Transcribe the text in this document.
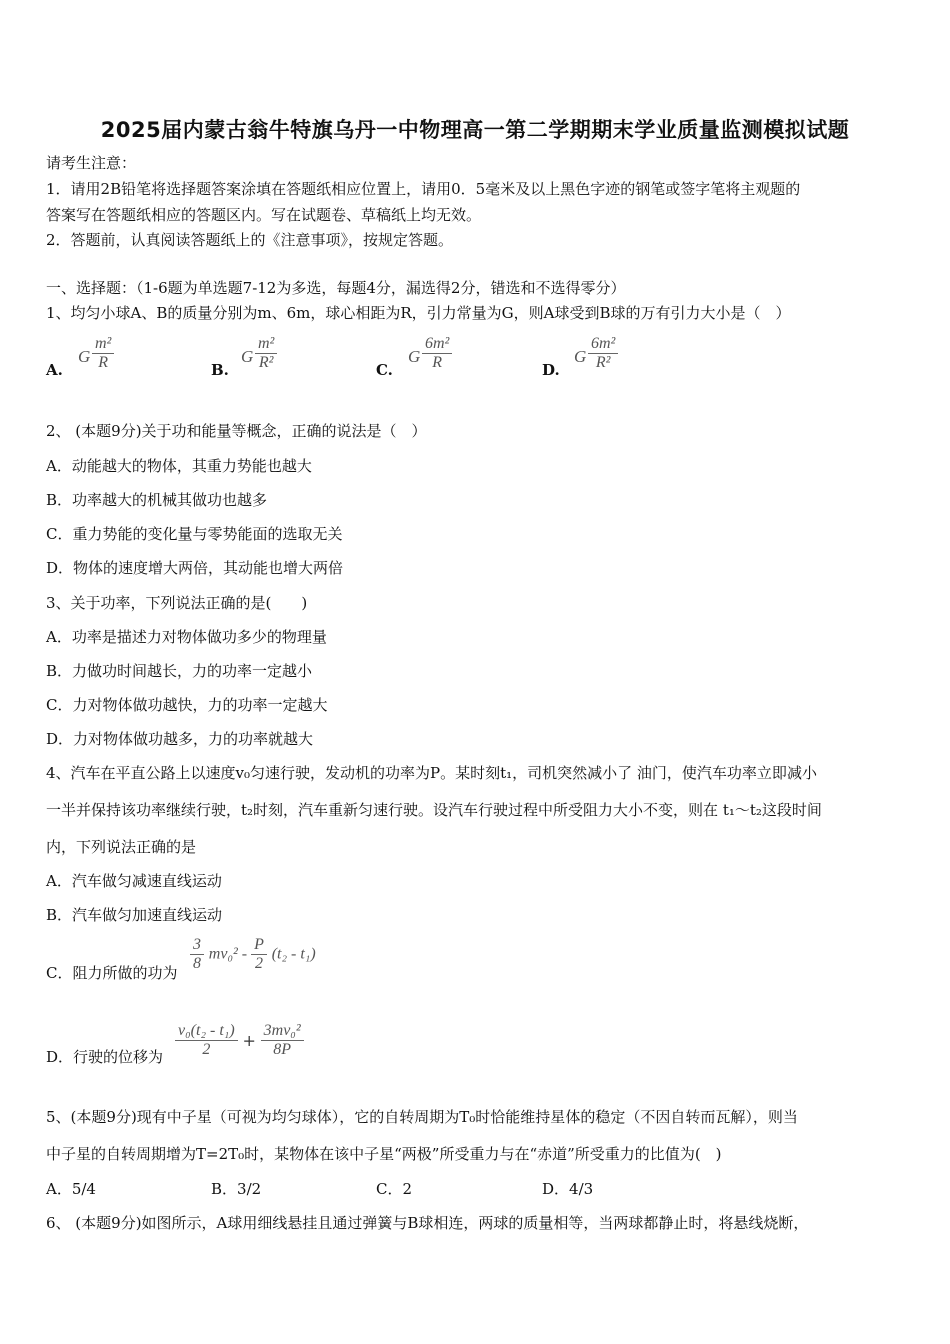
2025届内蒙古翁牛特旗乌丹一中物理高一第二学期期末学业质量监测模拟试题
请考生注意：
1．请用2B铅笔将选择题答案涂填在答题纸相应位置上，请用0．5毫米及以上黑色字迹的钢笔或签字笔将主观题的
答案写在答题纸相应的答题区内。写在试题卷、草稿纸上均无效。
2．答题前，认真阅读答题纸上的《注意事项》，按规定答题。
一、选择题：（1-6题为单选题7-12为多选，每题4分，漏选得2分，错选和不选得零分）
1、均匀小球A、B的质量分别为m、6m，球心相距为R，引力常量为G，则A球受到B球的万有引力大小是（　）
A.
G $\frac{\text{m²}}{R}$	B.
G $\frac{\text{m²}}{\text{R²}}$	C.
G $\frac{\text{6m²}}{R}$	D.
G $\frac{\text{6m²}}{\text{R²}}$
2、 (本题9分)关于功和能量等概念，正确的说法是（　）
A．动能越大的物体，其重力势能也越大
B．功率越大的机械其做功也越多
C．重力势能的变化量与零势能面的选取无关
D．物体的速度增大两倍，其动能也增大两倍
3、关于功率，下列说法正确的是(　　)
A．功率是描述力对物体做功多少的物理量
B．力做功时间越长，力的功率一定越小
C．力对物体做功越快，力的功率一定越大
D．力对物体做功越多，力的功率就越大
4、汽车在平直公路上以速度v₀匀速行驶，发动机的功率为P。某时刻t₁，司机突然减小了 油门，使汽车功率立即减小
一半并保持该功率继续行驶，t₂时刻，汽车重新匀速行驶。设汽车行驶过程中所受阻力大小不变，则在 t₁～t₂这段时间
内，下列说法正确的是
A．汽车做匀减速直线运动
B．汽车做匀加速直线运动
C．阻力所做的功为 $\frac{3}{8} mv_0^2 - \frac{P}{2} (t_2 - t_1)$
D．行驶的位移为 $\frac{\text{v₀(t₂ - t₁)}}{2} + \frac{\text{3mv₀²}}{8P}$
5、(本题9分)现有中子星（可视为均匀球体），它的自转周期为T₀时恰能维持星体的稳定（不因自转而瓦解），则当
中子星的自转周期增为T=2T₀时，某物体在该中子星“两极”所受重力与在“赤道”所受重力的比值为(　)
A．5/4	B．3/2	C．2	D．4/3
6、 (本题9分)如图所示，A球用细线悬挂且通过弹簧与B球相连，两球的质量相等，当两球都静止时，将悬线烧断，
